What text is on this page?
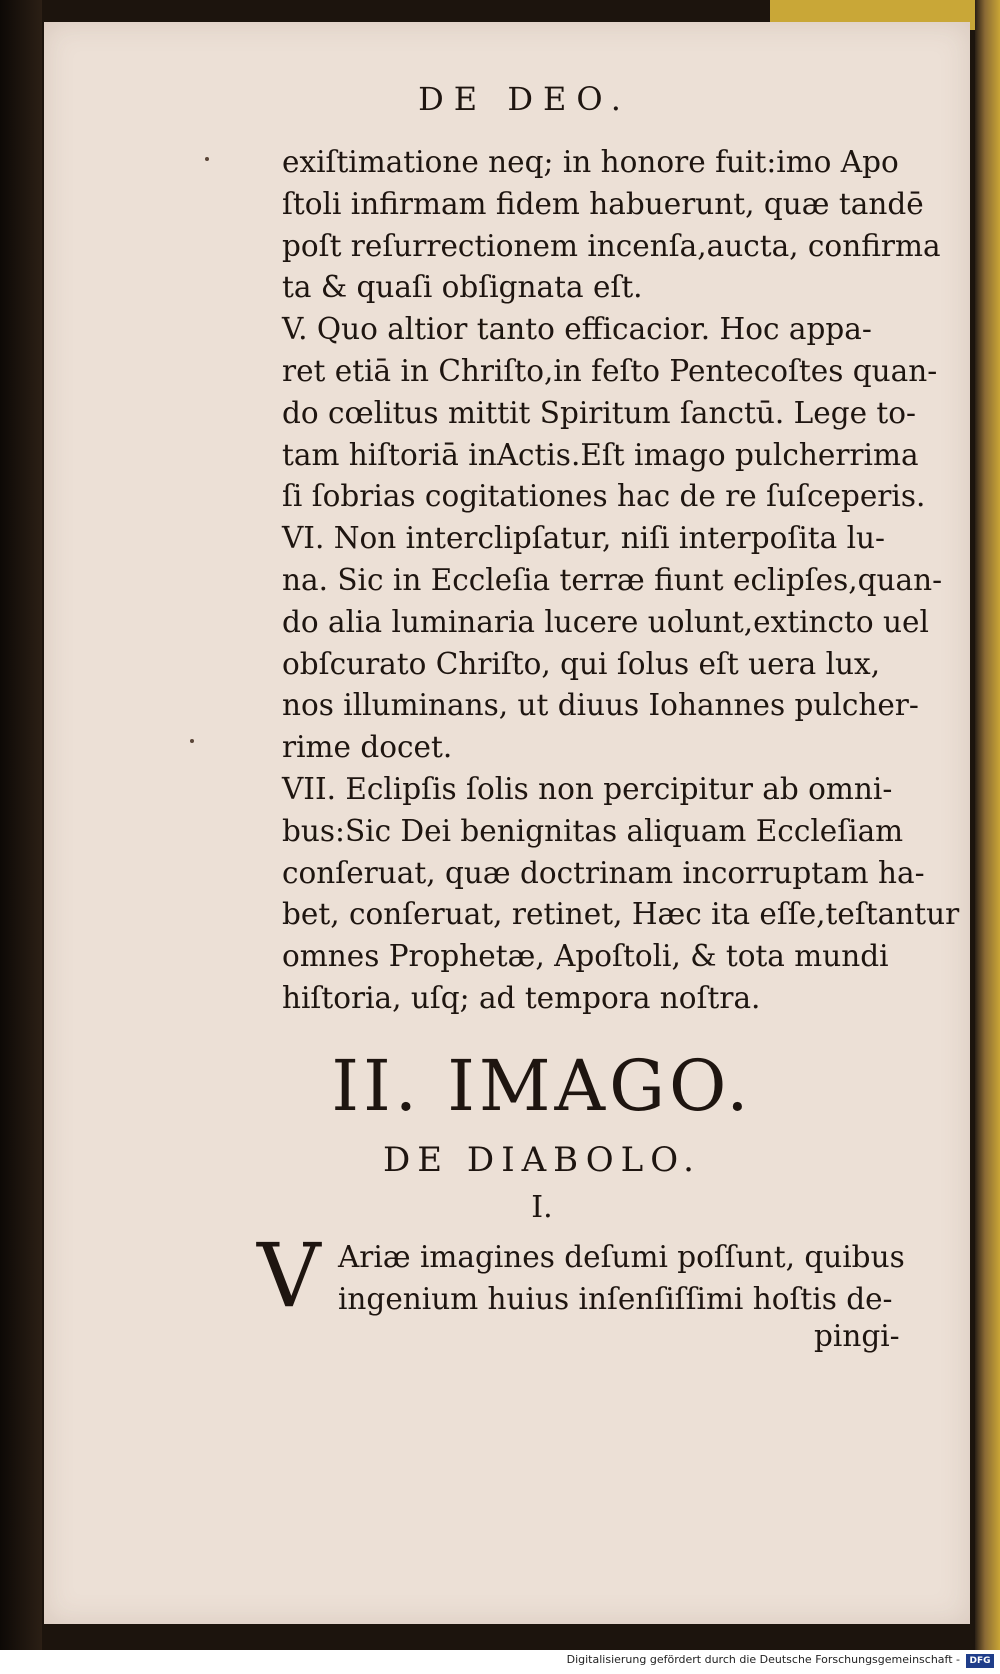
DE DEO.
exiſtimatione neq; in honore fuit:imo Apo
ſtoli infirmam fidem habuerunt, quæ tandē
poſt reſurrectionem incenſa,aucta, confirma
ta & quaſi obſignata eſt.
V. Quo altior tanto efficacior. Hoc appa-
ret etiā in Chriſto,in feſto Pentecoſtes quan-
do cœlitus mittit Spiritum ſanctū. Lege to-
tam hiſtoriā inActis.Eſt imago pulcherrima
ſi ſobrias cogitationes hac de re ſuſceperis.
VI. Non interclipſatur, niſi interpoſita lu-
na. Sic in Eccleſia terræ fiunt eclipſes,quan-
do alia luminaria lucere uolunt,extincto uel
obſcurato Chriſto, qui ſolus eſt uera lux,
nos illuminans, ut diuus Iohannes pulcher-
rime docet.
VII. Eclipſis ſolis non percipitur ab omni-
bus:Sic Dei benignitas aliquam Eccleſiam
conſeruat, quæ doctrinam incorruptam ha-
bet, conſeruat, retinet, Hæc ita eſſe,teſtantur
omnes Prophetæ, Apoſtoli, & tota mundi
hiſtoria, uſq; ad tempora noſtra.
II. IMAGO.
DE DIABOLO.
I.
V Ariæ imagines deſumi poſſunt, quibus
ingenium huius inſenſiſſimi hoſtis de-
pingi-
Digitalisierung gefördert durch die Deutsche Forschungsgemeinschaft -	DFG
